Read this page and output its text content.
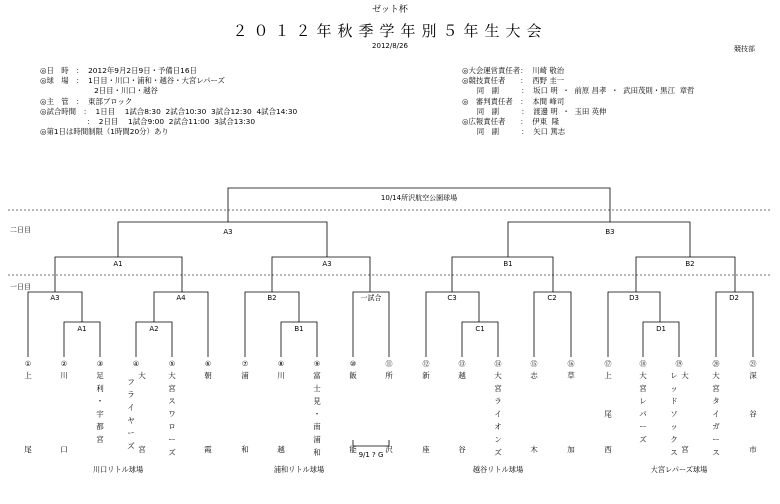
ゼット杯
２０１２年秋季学年別５年生大会
2012/8/26	競技部
◎日　時　：  2012年9月2日9日・予備日16日
◎球　場　：  1日目・川口・浦和・越谷・大宮レパーズ
　　　　　　　 2日目・川口・越谷
◎主　管　：  東部ブロック
◎試合時間　：  1日目　 1試合8:30  2試合10:30  3試合12:30  4試合14:30
　　　　　　 ：  2日目　 1試合9:00  2試合11:00  3試合13:30
◎第1日は時間制限（1時間20分）あり
◎大会運営責任者：  川崎 敬治
◎競技責任者　　：  西野 圭一
　　同　副　　　：  坂口 明  ・  前原 昌孝  ・  武田茂則・黒江  章哲
◎　審判責任者　：  本間 峰司
　　同　副　　　：  渡邊 明  ・  玉田 英伸
◎広報責任者　　：  伊東  隆
　　同　副　　　：  矢口 篤志
二日目
一日目
10/14所沢航空公園球場
A3	B3
A1	A3	B1	B2
A3	A4	B2	一試合	C3	C2	D3	D2
A1	A2	B1	C1	D1
①
上
尾
②
川
口
③
足
利
・
宇
都
宮
④
大
フ
ラ
イ
ヤ
ー
ズ 宮
⑤
大
宮
ス
ワ
ロ
ー
ズ
⑥
朝
霞
⑦
浦
和
⑧
川
越
⑨
富
士
見
・
南
浦
和
⑩
飯
能
⑪
所
沢
⑫
新
座
⑬
越
谷
⑭
大
宮
ラ
イ
オ
ン
ズ
⑮
志
木
⑯
草
加
⑰
上
尾
西
⑱
大
宮
レ
パ
ー
ズ
⑲
大
レ
ッ
ド
ソ
ッ
ク
ス 宮
⑳
大
宮
タ
イ
ガ
ー
ス
㉑
深
谷
市
9/1 ? G
川口リトル球場	浦和リトル球場	越谷リトル球場	大宮レパーズ球場
